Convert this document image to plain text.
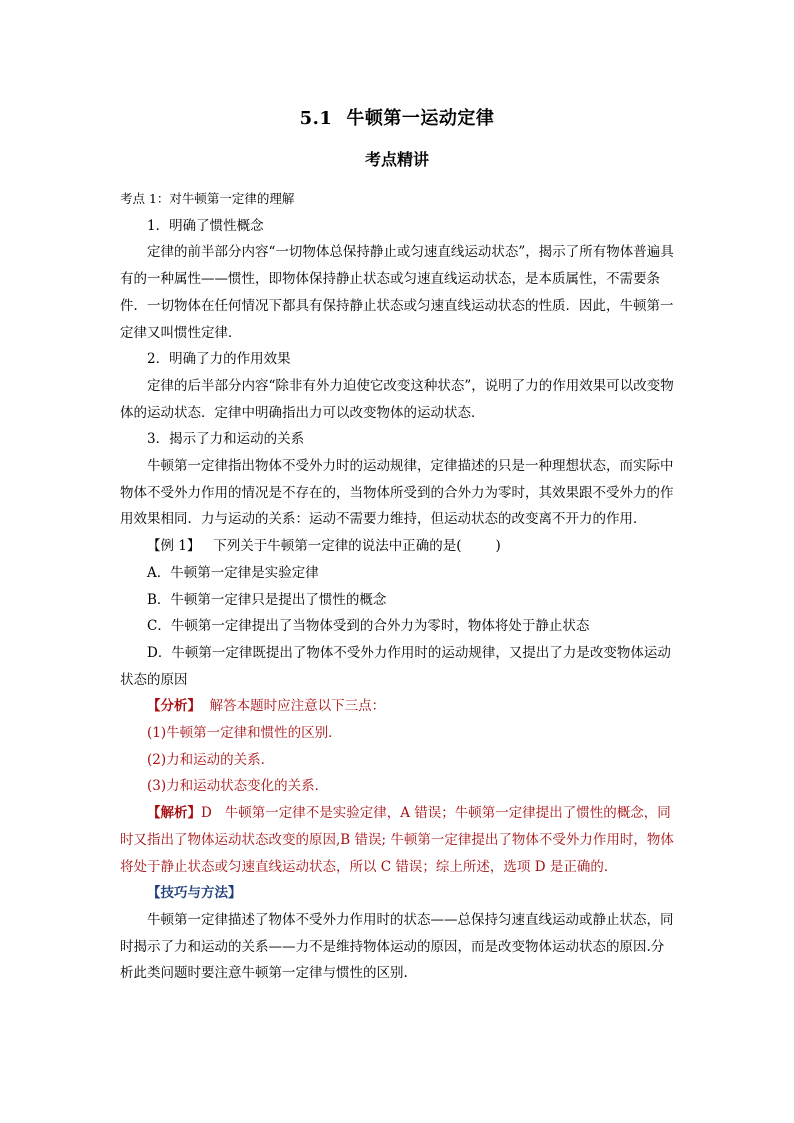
5.1 牛顿第一运动定律
考点精讲

考点 1：对牛顿第一定律的理解

1．明确了惯性概念

定律的前半部分内容“一切物体总保持静止或匀速直线运动状态”，揭示了所有物体普遍具有的一种属性——惯性，即物体保持静止状态或匀速直线运动状态，是本质属性，不需要条件．一切物体在任何情况下都具有保持静止状态或匀速直线运动状态的性质．因此，牛顿第一定律又叫惯性定律．

2．明确了力的作用效果

定律的后半部分内容“除非有外力迫使它改变这种状态”，说明了力的作用效果可以改变物体的运动状态．定律中明确指出力可以改变物体的运动状态．

3．揭示了力和运动的关系

牛顿第一定律指出物体不受外力时的运动规律，定律描述的只是一种理想状态，而实际中物体不受外力作用的情况是不存在的，当物体所受到的合外力为零时，其效果跟不受外力的作用效果相同．力与运动的关系：运动不需要力维持，但运动状态的改变离不开力的作用．

【例 1】 下列关于牛顿第一定律的说法中正确的是(	)

A．牛顿第一定律是实验定律

B．牛顿第一定律只是提出了惯性的概念

C．牛顿第一定律提出了当物体受到的合外力为零时，物体将处于静止状态

D．牛顿第一定律既提出了物体不受外力作用时的运动规律，又提出了力是改变物体运动状态的原因

【分析】 解答本题时应注意以下三点：

(1)牛顿第一定律和惯性的区别．

(2)力和运动的关系．

(3)力和运动状态变化的关系．

【解析】D 牛顿第一定律不是实验定律，A 错误；牛顿第一定律提出了惯性的概念，同时又指出了物体运动状态改变的原因,B 错误; 牛顿第一定律提出了物体不受外力作用时，物体将处于静止状态或匀速直线运动状态，所以 C 错误；综上所述，选项 D 是正确的．

【技巧与方法】

牛顿第一定律描述了物体不受外力作用时的状态——总保持匀速直线运动或静止状态，同时揭示了力和运动的关系——力不是维持物体运动的原因，而是改变物体运动状态的原因.分析此类问题时要注意牛顿第一定律与惯性的区别.
